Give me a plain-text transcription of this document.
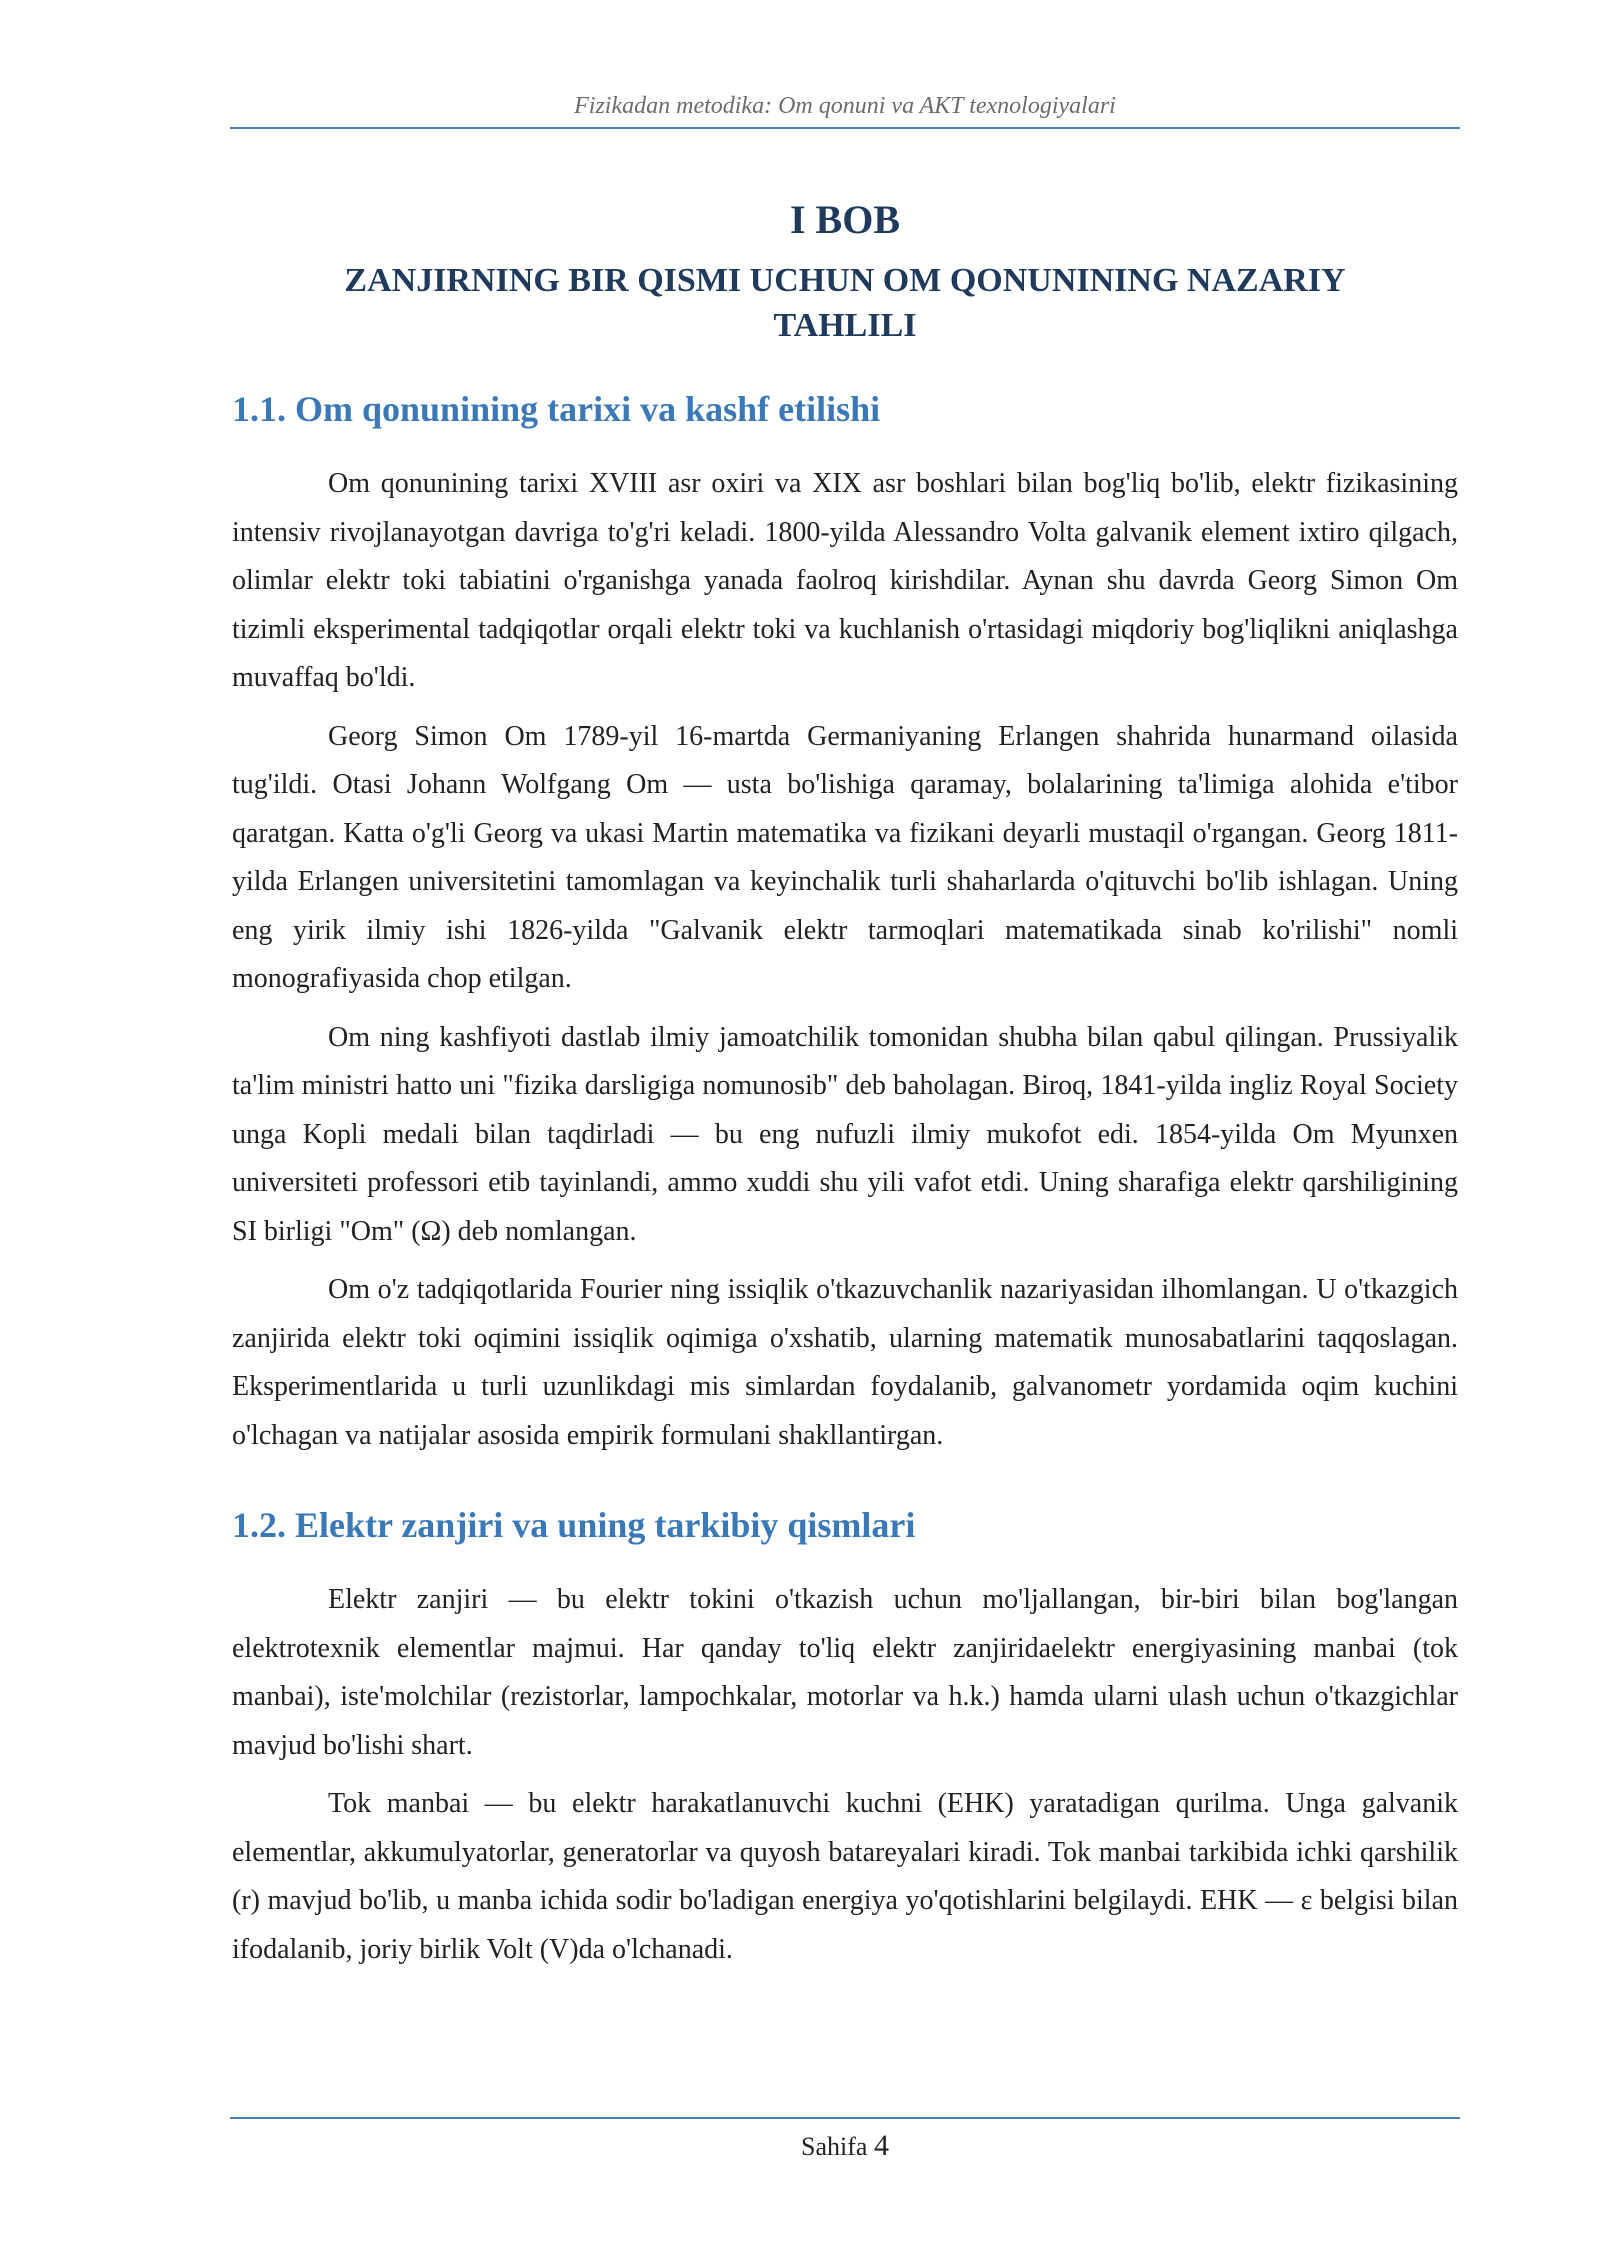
Fizikadan metodika: Om qonuni va AKT texnologiyalari
I BOB
ZANJIRNING BIR QISMI UCHUN OM QONUNINING NAZARIY TAHLILI
1.1. Om qonunining tarixi va kashf etilishi

Om qonunining tarixi XVIII asr oxiri va XIX asr boshlari bilan bog'liq bo'lib, elektr fizikasining intensiv rivojlanayotgan davriga to'g'ri keladi. 1800-yilda Alessandro Volta galvanik element ixtiro qilgach, olimlar elektr toki tabiatini o'rganishga yanada faolroq kirishdilar. Aynan shu davrda Georg Simon Om tizimli eksperimental tadqiqotlar orqali elektr toki va kuchlanish o'rtasidagi miqdoriy bog'liqlikni aniqlashga muvaffaq bo'ldi.

Georg Simon Om 1789-yil 16-martda Germaniyaning Erlangen shahrida hunarmand oilasida tug'ildi. Otasi Johann Wolfgang Om — usta bo'lishiga qaramay, bolalarining ta'limiga alohida e'tibor qaratgan. Katta o'g'li Georg va ukasi Martin matematika va fizikani deyarli mustaqil o'rgangan. Georg 1811-yilda Erlangen universitetini tamomlagan va keyinchalik turli shaharlarda o'qituvchi bo'lib ishlagan. Uning eng yirik ilmiy ishi 1826-yilda "Galvanik elektr tarmoqlari matematikada sinab ko'rilishi" nomli monografiyasida chop etilgan.

Om ning kashfiyoti dastlab ilmiy jamoatchilik tomonidan shubha bilan qabul qilingan. Prussiyalik ta'lim ministri hatto uni "fizika darsligiga nomunosib" deb baholagan. Biroq, 1841-yilda ingliz Royal Society unga Kopli medali bilan taqdirladi — bu eng nufuzli ilmiy mukofot edi. 1854-yilda Om Myunxen universiteti professori etib tayinlandi, ammo xuddi shu yili vafot etdi. Uning sharafiga elektr qarshiligining SI birligi "Om" (Ω) deb nomlangan.

Om o'z tadqiqotlarida Fourier ning issiqlik o'tkazuvchanlik nazariyasidan ilhomlangan. U o'tkazgich zanjirida elektr toki oqimini issiqlik oqimiga o'xshatib, ularning matematik munosabatlarini taqqoslagan. Eksperimentlarida u turli uzunlikdagi mis simlardan foydalanib, galvanometr yordamida oqim kuchini o'lchagan va natijalar asosida empirik formulani shakllantirgan.

1.2. Elektr zanjiri va uning tarkibiy qismlari

Elektr zanjiri — bu elektr tokini o'tkazish uchun mo'ljallangan, bir-biri bilan bog'langan elektrotexnik elementlar majmui. Har qanday to'liq elektr zanjiridaelektr energiyasining manbai (tok manbai), iste'molchilar (rezistorlar, lampochkalar, motorlar va h.k.) hamda ularni ulash uchun o'tkazgichlar mavjud bo'lishi shart.

Tok manbai — bu elektr harakatlanuvchi kuchni (EHK) yaratadigan qurilma. Unga galvanik elementlar, akkumulyatorlar, generatorlar va quyosh batareyalari kiradi. Tok manbai tarkibida ichki qarshilik (r) mavjud bo'lib, u manba ichida sodir bo'ladigan energiya yo'qotishlarini belgilaydi. EHK — ε belgisi bilan ifodalanib, joriy birlik Volt (V)da o'lchanadi.

Sahifa 4
